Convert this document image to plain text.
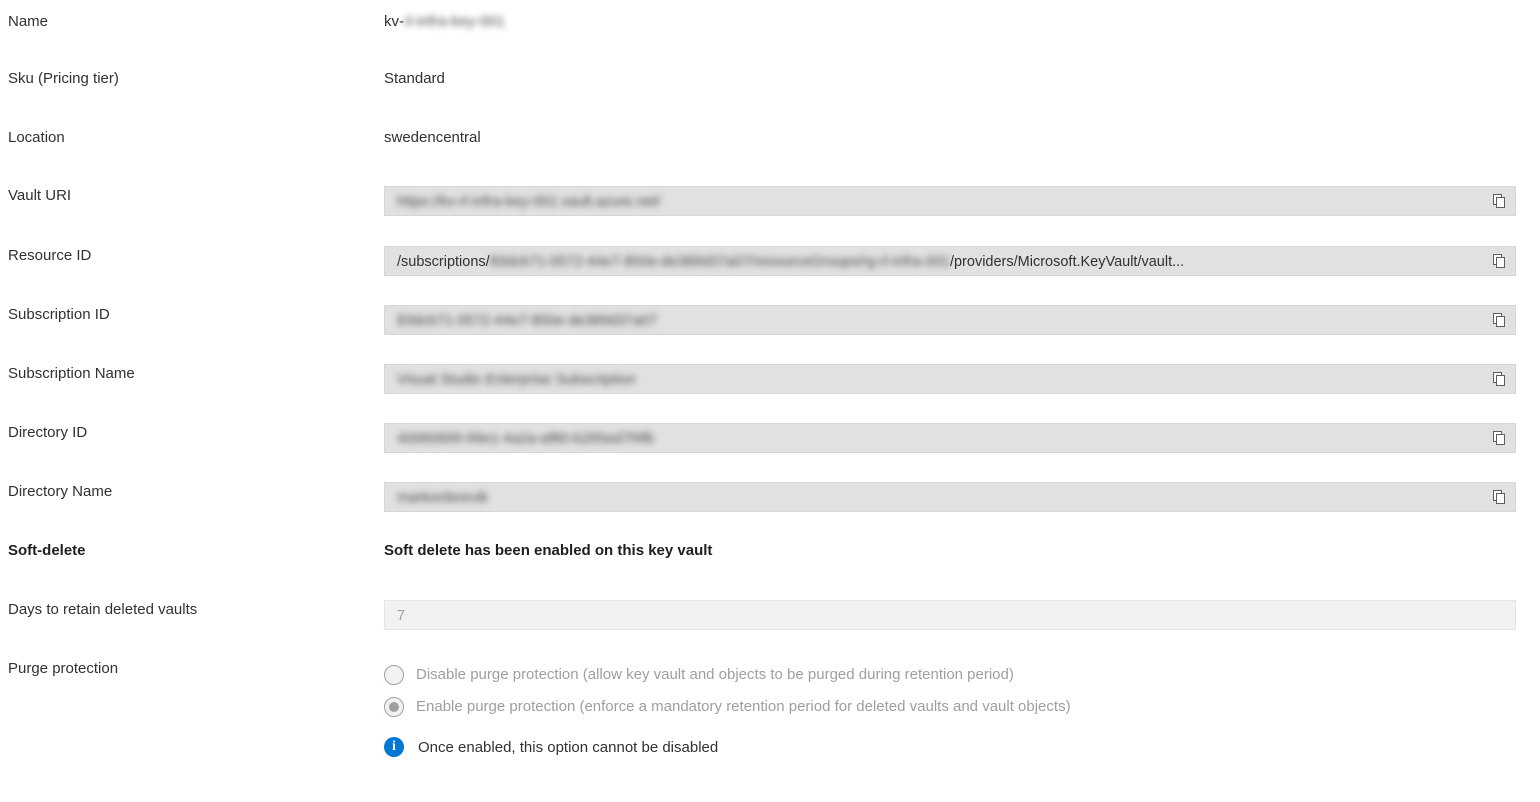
Name	kv-rl-infra-key-001
Sku (Pricing tier)	Standard
Location	swedencentral
Vault URI	https://kv-rl-infra-key-001.vault.azure.net/
Resource ID	/subscriptions/83dcb71-0572-44e7-850e-de389d37a07/resourceGroups/rg-rl-infra-001/providers/Microsoft.KeyVault/vault...
Subscription ID	83dcb71-0572-44e7-850e-de389d37a07
Subscription Name	Visual Studio Enterprise Subscription
Directory ID	40060699-99e1-4a2a-af80-b265ed7f4fb
Directory Name	markordsrevik
Soft-delete	Soft delete has been enabled on this key vault
Days to retain deleted vaults	7
Purge protection	Disable purge protection (allow key vault and objects to be purged during retention period)
Enable purge protection (enforce a mandatory retention period for deleted vaults and vault objects)
i	Once enabled, this option cannot be disabled
